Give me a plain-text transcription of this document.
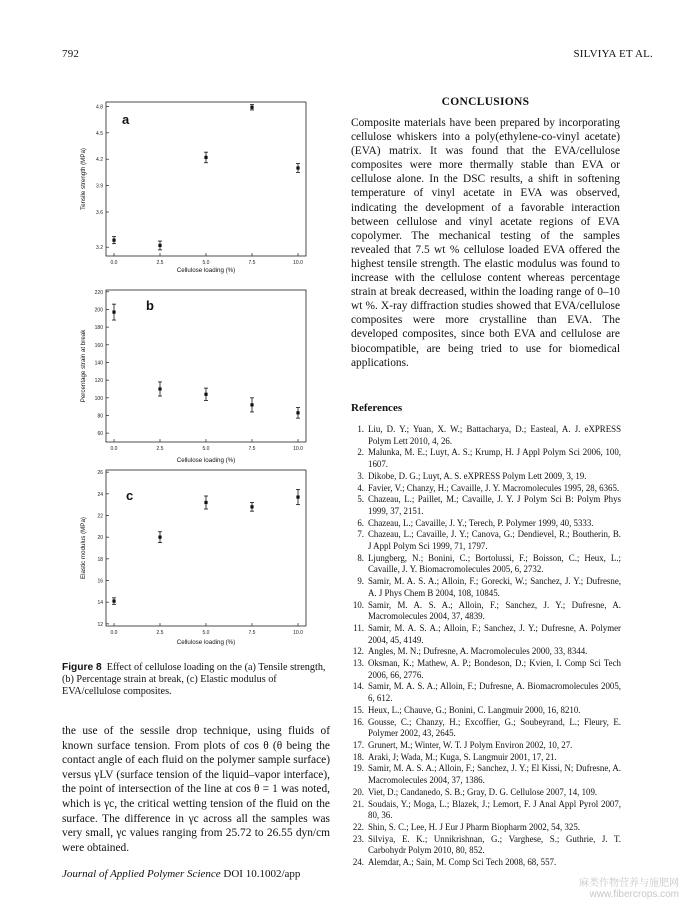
792	SILVIYA ET AL.
3.2
3.6
3.9
4.2
4.5
4.8
0.0	2.5	5.0	7.5	10.0
Cellulose loading (%)
Tensile strength (MPa)
a
60
80
100
120
140
160
180
200
220
0.0	2.5	5.0	7.5	10.0
Cellulose loading (%)
Percentage strain at break
b
12
14
16
18
20
22
24
26
0.0	2.5	5.0	7.5	10.0
Cellulose loading (%)
Elastic modulus (MPa)
c
Figure 8 Effect of cellulose loading on the (a) Tensile strength, (b) Percentage strain at break, (c) Elastic modulus of EVA/cellulose composites.
the use of the sessile drop technique, using fluids of known surface tension. From plots of cos θ (θ being the contact angle of each fluid on the polymer sample surface) versus γLV (surface tension of the liquid–vapor interface), the point of intersection of the line at cos θ = 1 was noted, which is γc, the critical wetting tension of the fluid on the surface. The difference in γc across all the samples was very small, γc values ranging from 25.72 to 26.55 dyn/cm were obtained.
CONCLUSIONS
Composite materials have been prepared by incorporating cellulose whiskers into a poly(ethylene-co-vinyl acetate) (EVA) matrix. It was found that the EVA/cellulose composites were more thermally stable than EVA or cellulose alone. In the DSC results, a shift in softening temperature of vinyl acetate in EVA was observed, indicating the development of a favorable interaction between cellulose and vinyl acetate regions of EVA copolymer. The mechanical testing of the samples revealed that 7.5 wt % cellulose loaded EVA offered the highest tensile strength. The elastic modulus was found to increase with the cellulose content whereas percentage strain at break decreased, within the loading range of 0–10 wt %. X-ray diffraction studies showed that EVA/cellulose composites were more crystalline than EVA. The developed composites, since both EVA and cellulose are biocompatible, are being tried to use for biomedical applications.
References
1. Liu, D. Y.; Yuan, X. W.; Battacharya, D.; Easteal, A. J. eXPRESS Polym Lett 2010, 4, 26.
2. Malunka, M. E.; Luyt, A. S.; Krump, H. J Appl Polym Sci 2006, 100, 1607.
3. Dikobe, D. G.; Luyt, A. S. eXPRESS Polym Lett 2009, 3, 19.
4. Favier, V.; Chanzy, H.; Cavaille, J. Y. Macromolecules 1995, 28, 6365.
5. Chazeau, L.; Paillet, M.; Cavaille, J. Y. J Polym Sci B: Polym Phys 1999, 37, 2151.
6. Chazeau, L.; Cavaille, J. Y.; Terech, P. Polymer 1999, 40, 5333.
7. Chazeau, L.; Cavaille, J. Y.; Canova, G.; Dendievel, R.; Boutherin, B. J Appl Polym Sci 1999, 71, 1797.
8. Ljungberg, N.; Bonini, C.; Bortolussi, F.; Boisson, C.; Heux, L.; Cavaille, J. Y. Biomacromolecules 2005, 6, 2732.
9. Samir, M. A. S. A.; Alloin, F.; Gorecki, W.; Sanchez, J. Y.; Dufresne, A. J Phys Chem B 2004, 108, 10845.
10. Samir, M. A. S. A.; Alloin, F.; Sanchez, J. Y.; Dufresne, A. Macromolecules 2004, 37, 4839.
11. Samir, M. A. S. A.; Alloin, F.; Sanchez, J. Y.; Dufresne, A. Polymer 2004, 45, 4149.
12. Angles, M. N.; Dufresne, A. Macromolecules 2000, 33, 8344.
13. Oksman, K.; Mathew, A. P.; Bondeson, D.; Kvien, I. Comp Sci Tech 2006, 66, 2776.
14. Samir, M. A. S. A.; Alloin, F.; Dufresne, A. Biomacromolecules 2005, 6, 612.
15. Heux, L.; Chauve, G.; Bonini, C. Langmuir 2000, 16, 8210.
16. Gousse, C.; Chanzy, H.; Excoffier, G.; Soubeyrand, L.; Fleury, E. Polymer 2002, 43, 2645.
17. Grunert, M.; Winter, W. T. J Polym Environ 2002, 10, 27.
18. Araki, J; Wada, M.; Kuga, S. Langmuir 2001, 17, 21.
19. Samir, M. A. S. A.; Alloin, F.; Sanchez, J. Y.; El Kissi, N; Dufresne, A. Macromolecules 2004, 37, 1386.
20. Viet, D.; Candanedo, S. B.; Gray, D. G. Cellulose 2007, 14, 109.
21. Soudais, Y.; Moga, L.; Blazek, J.; Lemort, F. J Anal Appl Pyrol 2007, 80, 36.
22. Shin, S. C.; Lee, H. J Eur J Pharm Biopharm 2002, 54, 325.
23. Silviya, E. K.; Unnikrishnan, G.; Varghese, S.; Guthrie, J. T. Carbohydr Polym 2010, 80, 852.
24. Alemdar, A.; Sain, M. Comp Sci Tech 2008, 68, 557.
Journal of Applied Polymer Science DOI 10.1002/app
麻类作物营养与施肥网
www.fibercrops.com
